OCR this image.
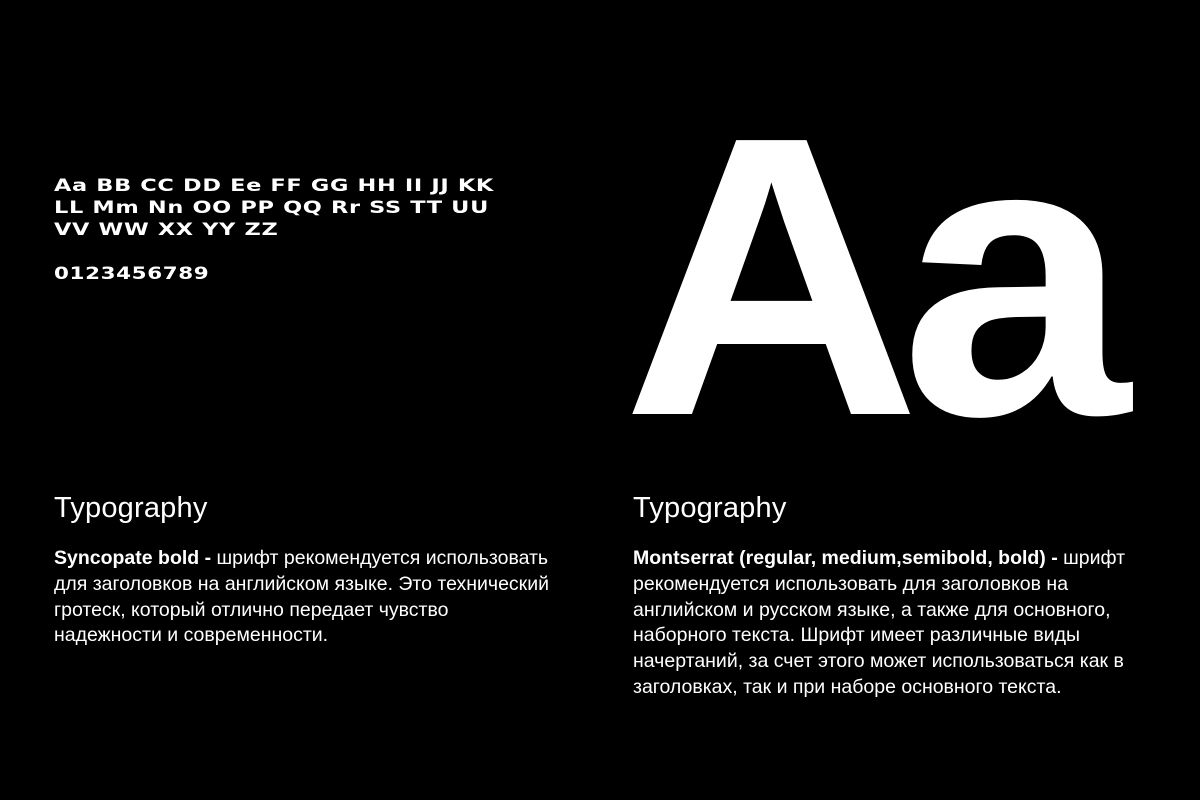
Aa BB CC DD Ee FF GG HH II JJ KK
LL Mm Nn OO PP QQ Rr SS TT UU
VV WW XX YY ZZ
0123456789 Aa
Typography

Syncopate bold - шрифт рекомендуется использовать для заголовков на английском языке. Это технический гротеск, который отлично передает чувство надежности и современности.

Typography

Montserrat (regular, medium,semibold, bold) - шрифт рекомендуется использовать для заголовков на английском и русском языке, а также для основного, наборного текста. Шрифт имеет различные виды начертаний, за счет этого может использоваться как в заголовках, так и при наборе основного текста.
